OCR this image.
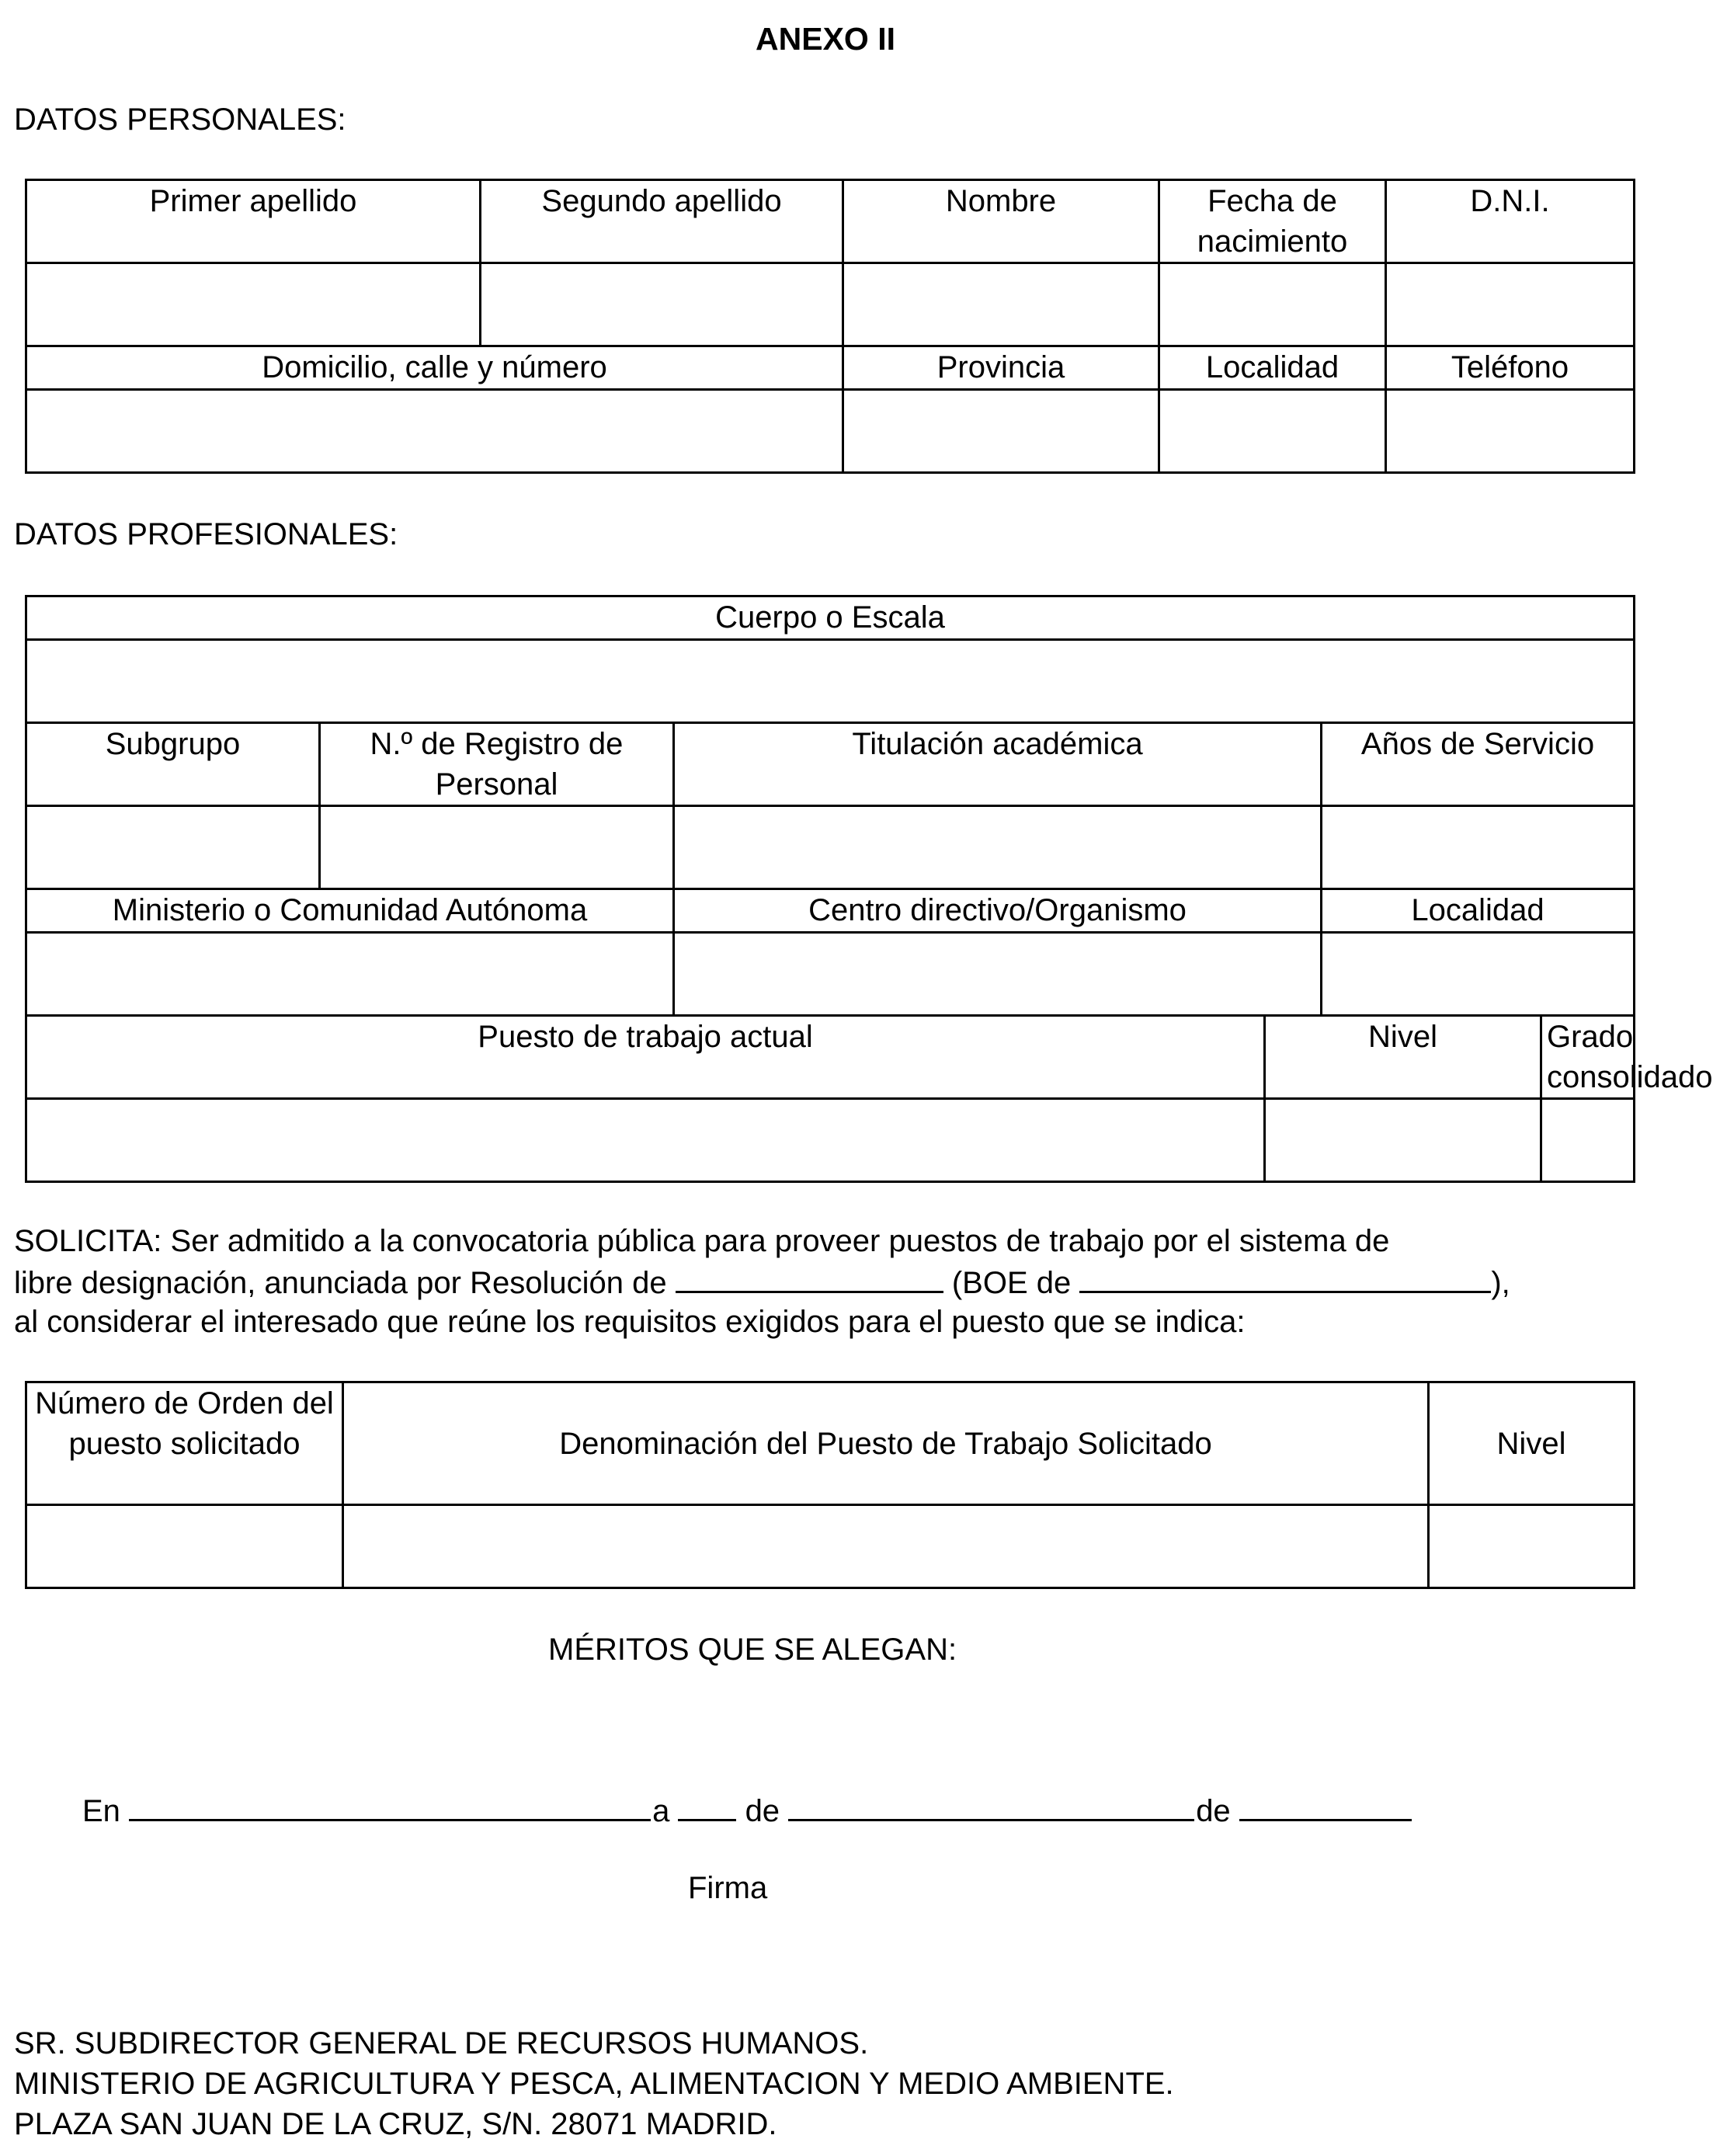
ANEXO II
DATOS PERSONALES:
Primer apellido	Segundo apellido	Nombre	Fecha de nacimiento	D.N.I.

Domicilio, calle y número		Provincia	Localidad	Teléfono

DATOS PROFESIONALES:
Cuerpo o Escala					

Subgrupo	N.º de Registro de Personal	Titulación académica		Años de Servicio	

Ministerio o Comunidad Autónoma		Centro directivo/Organismo		Localidad	

Puesto de trabajo actual			Nivel		Grado consolidado

SOLICITA: Ser admitido a la convocatoria pública para proveer puestos de trabajo por el sistema de
libre designación, anunciada por Resolución de	(BOE de	),
al considerar el interesado que reúne los requisitos exigidos para el puesto que se indica:
Número de Orden del puesto solicitado	Denominación del Puesto de Trabajo Solicitado	Nivel

MÉRITOS QUE SE ALEGAN:
En	a de	de
Firma
SR. SUBDIRECTOR GENERAL DE RECURSOS HUMANOS.
MINISTERIO DE AGRICULTURA Y PESCA, ALIMENTACION Y MEDIO AMBIENTE.
PLAZA SAN JUAN DE LA CRUZ, S/N. 28071 MADRID.
